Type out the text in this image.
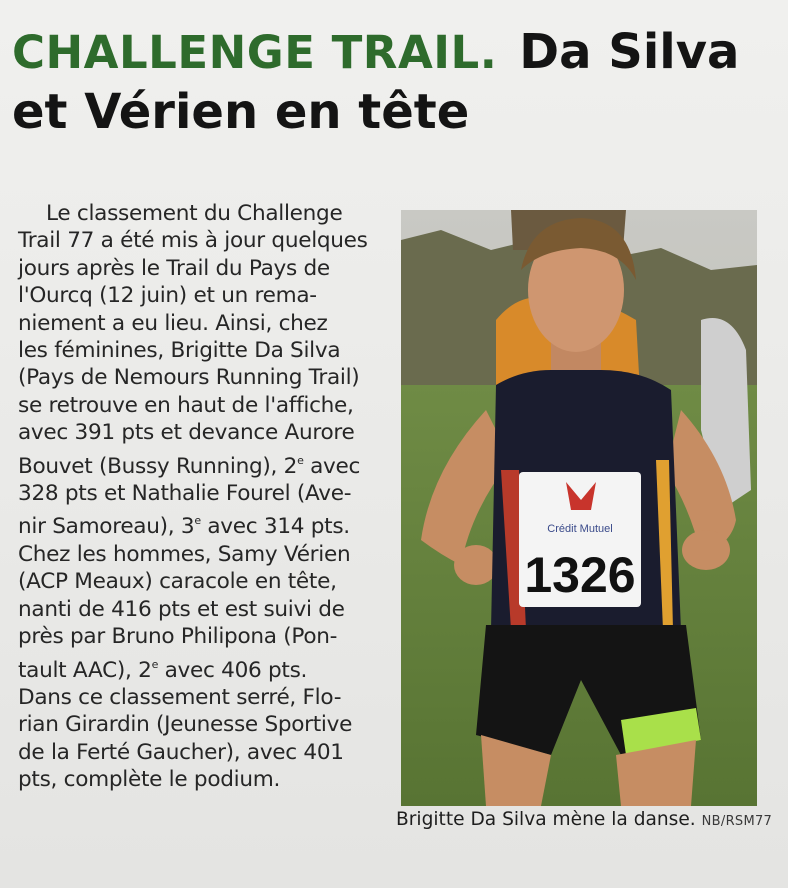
CHALLENGE TRAIL. Da Silva
et Vérien en tête
Le classement du Challenge
Trail 77 a été mis à jour quelques
jours après le Trail du Pays de
l'Ourcq (12 juin) et un rema-
niement a eu lieu. Ainsi, chez
les féminines, Brigitte Da Silva
(Pays de Nemours Running Trail)
se retrouve en haut de l'affiche,
avec 391 pts et devance Aurore
Bouvet (Bussy Running), 2e avec
328 pts et Nathalie Fourel (Ave-
nir Samoreau), 3e avec 314 pts.
Chez les hommes, Samy Vérien
(ACP Meaux) caracole en tête,
nanti de 416 pts et est suivi de
près par Bruno Philipona (Pon-
tault AAC), 2e avec 406 pts.
Dans ce classement serré, Flo-
rian Girardin (Jeunesse Sportive
de la Ferté Gaucher), avec 401
pts, complète le podium.
Crédit Mutuel
1326
Brigitte Da Silva mène la danse. NB/RSM77
